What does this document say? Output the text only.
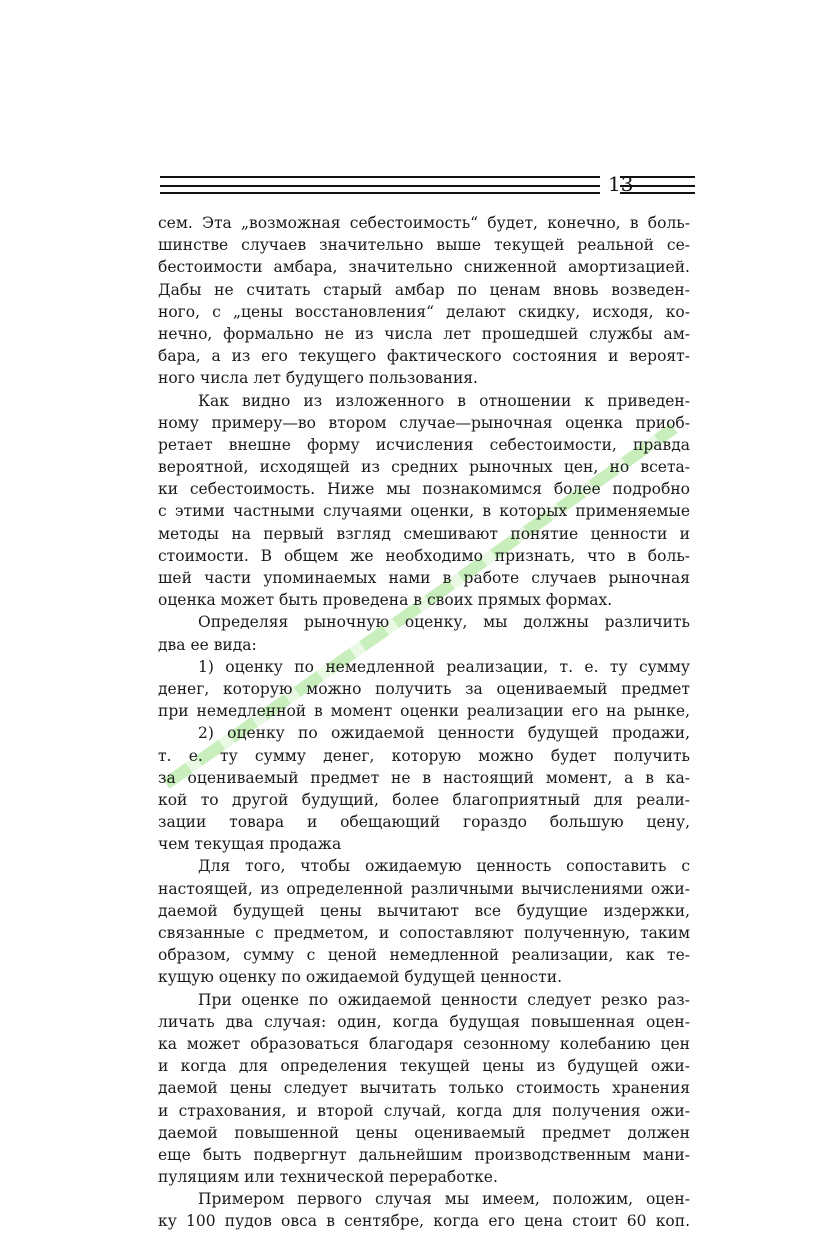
13
сем. Эта „возможная себестоимость“ будет, конечно, в боль-
шинстве случаев значительно выше текущей реальной се-
бестоимости амбара, значительно сниженной амортизацией.
Дабы не считать старый амбар по ценам вновь возведен-
ного, с „цены восстановления“ делают скидку, исходя, ко-
нечно, формально не из числа лет прошедшей службы ам-
бара, а из его текущего фактического состояния и вероят-
ного числа лет будущего пользования.
Как видно из изложенного в отношении к приведен-
ному примеру—во втором случае—рыночная оценка приоб-
ретает внешне форму исчисления себестоимости, правда
вероятной, исходящей из средних рыночных цен, но всета-
ки себестоимость. Ниже мы познакомимся более подробно
с этими частными случаями оценки, в которых применяемые
методы на первый взгляд смешивают понятие ценности и
стоимости. В общем же необходимо признать, что в боль-
шей части упоминаемых нами в работе случаев рыночная
оценка может быть проведена в своих прямых формах.
Определяя рыночную оценку, мы должны различить
два ее вида:
1) оценку по немедленной реализации, т. е. ту сумму
денег, которую можно получить за оцениваемый предмет
при немедленной в момент оценки реализации его на рынке,
2) оценку по ожидаемой ценности будущей продажи,
т. е. ту сумму денег, которую можно будет получить
за оцениваемый предмет не в настоящий момент, а в ка-
кой то другой будущий, более благоприятный для реали-
зации товара и обещающий гораздо большую цену,
чем текущая продажа
Для того, чтобы ожидаемую ценность сопоставить с
настоящей, из определенной различными вычислениями ожи-
даемой будущей цены вычитают все будущие издержки,
связанные с предметом, и сопоставляют полученную, таким
образом, сумму с ценой немедленной реализации, как те-
кущую оценку по ожидаемой будущей ценности.
При оценке по ожидаемой ценности следует резко раз-
личать два случая: один, когда будущая повышенная оцен-
ка может образоваться благодаря сезонному колебанию цен
и когда для определения текущей цены из будущей ожи-
даемой цены следует вычитать только стоимость хранения
и страхования, и второй случай, когда для получения ожи-
даемой повышенной цены оцениваемый предмет должен
еще быть подвергнут дальнейшим производственным мани-
пуляциям или технической переработке.
Примером первого случая мы имеем, положим, оцен-
ку 100 пудов овса в сентябре, когда его цена стоит 60 коп.
